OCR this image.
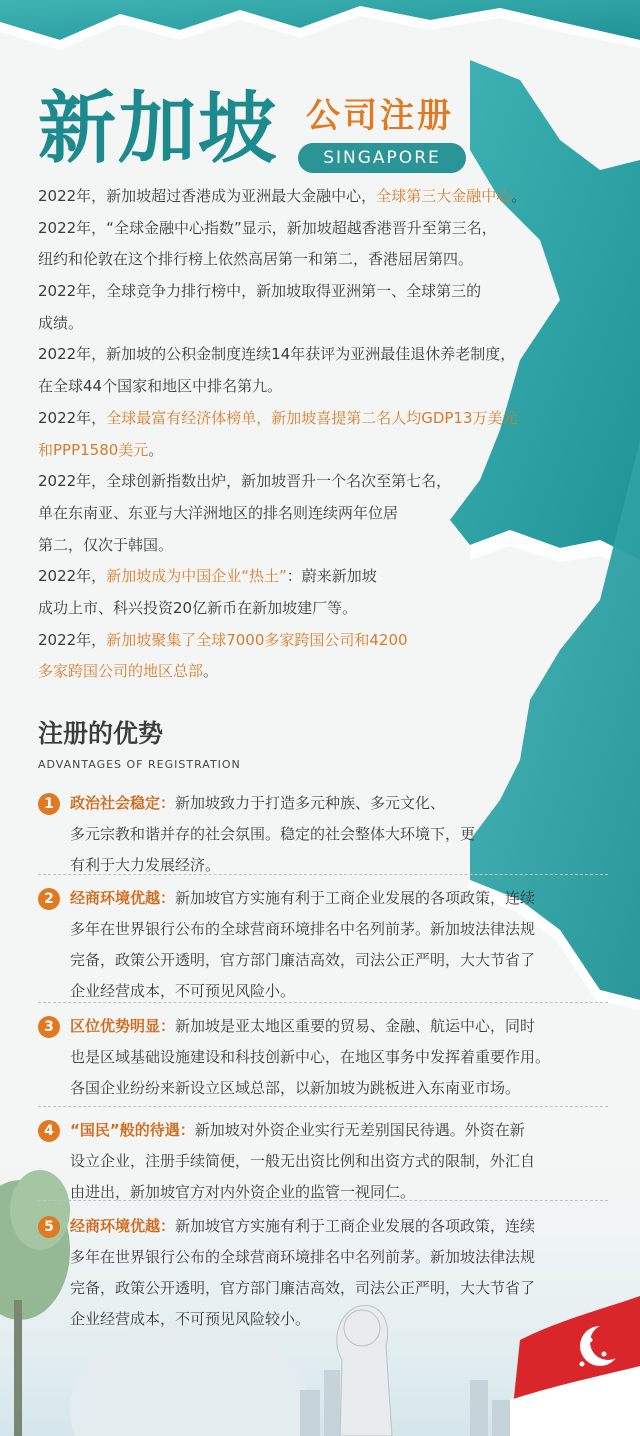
新加坡 公司注册
SINGAPORE
2022年，新加坡超过香港成为亚洲最大金融中心，全球第三大金融中心。
2022年，“全球金融中心指数”显示，新加坡超越香港晋升至第三名，
纽约和伦敦在这个排行榜上依然高居第一和第二，香港屈居第四。
2022年，全球竞争力排行榜中，新加坡取得亚洲第一、全球第三的
成绩。
2022年，新加坡的公积金制度连续14年获评为亚洲最佳退休养老制度，
在全球44个国家和地区中排名第九。
2022年，全球最富有经济体榜单，新加坡喜提第二名人均GDP13万美元
和PPP1580美元。
2022年，全球创新指数出炉，新加坡晋升一个名次至第七名，
单在东南亚、东亚与大洋洲地区的排名则连续两年位居
第二，仅次于韩国。
2022年，新加坡成为中国企业“热土”：蔚来新加坡
成功上市、科兴投资20亿新币在新加坡建厂等。
2022年，新加坡聚集了全球7000多家跨国公司和4200
多家跨国公司的地区总部。
注册的优势
ADVANTAGES OF REGISTRATION
1	政治社会稳定：新加坡致力于打造多元种族、多元文化、
多元宗教和谐并存的社会氛围。稳定的社会整体大环境下，更
有利于大力发展经济。
2	经商环境优越：新加坡官方实施有利于工商企业发展的各项政策，连续
多年在世界银行公布的全球营商环境排名中名列前茅。新加坡法律法规
完备，政策公开透明，官方部门廉洁高效，司法公正严明，大大节省了
企业经营成本，不可预见风险小。
3	区位优势明显：新加坡是亚太地区重要的贸易、金融、航运中心，同时
也是区域基础设施建设和科技创新中心，在地区事务中发挥着重要作用。
各国企业纷纷来新设立区域总部，以新加坡为跳板进入东南亚市场。
4	“国民”般的待遇：新加坡对外资企业实行无差别国民待遇。外资在新
设立企业，注册手续简便，一般无出资比例和出资方式的限制，外汇自
由进出，新加坡官方对内外资企业的监管一视同仁。
5	经商环境优越：新加坡官方实施有利于工商企业发展的各项政策，连续
多年在世界银行公布的全球营商环境排名中名列前茅。新加坡法律法规
完备，政策公开透明，官方部门廉洁高效，司法公正严明，大大节省了
企业经营成本，不可预见风险较小。
